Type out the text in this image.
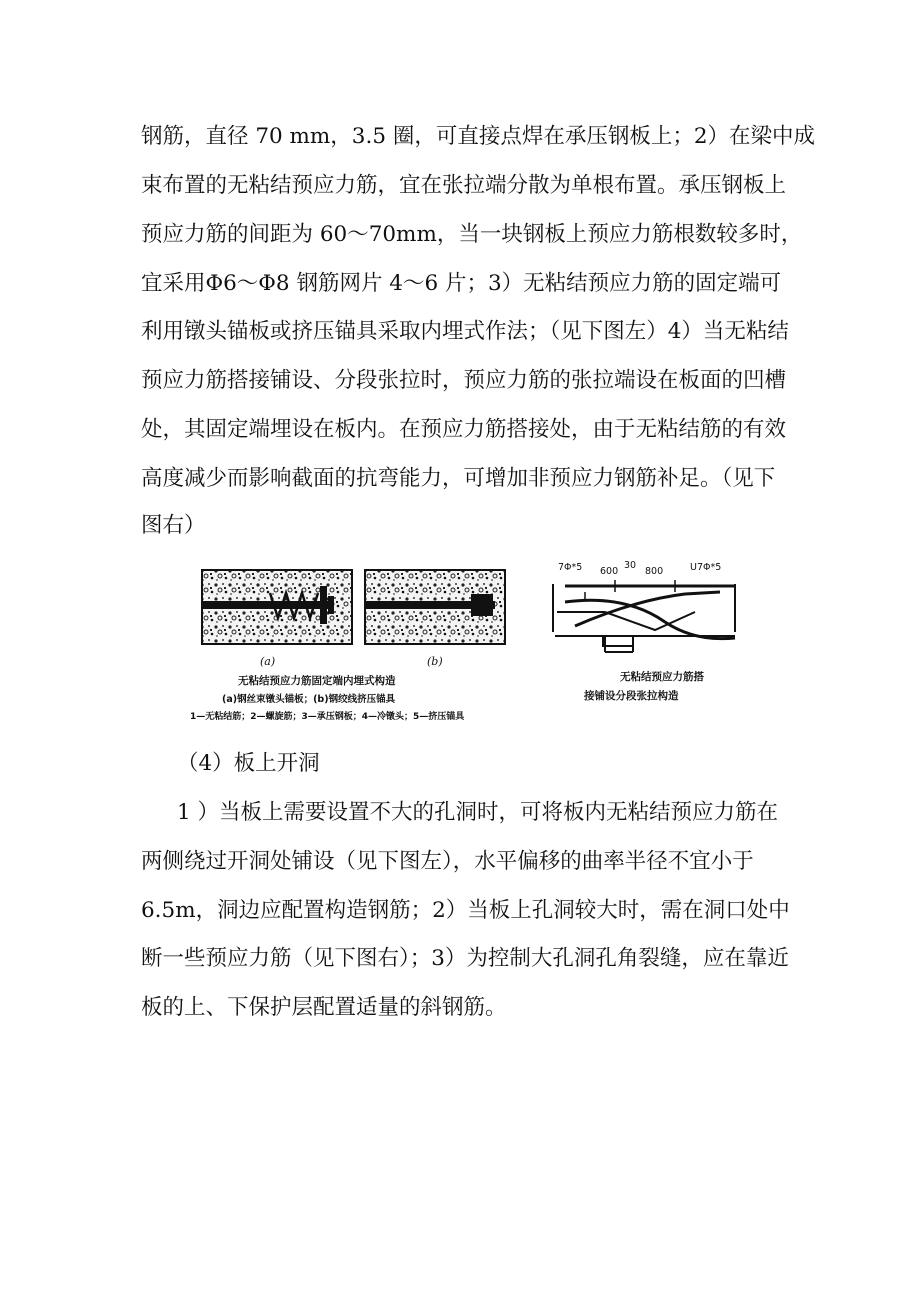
钢筋，直径 70 mm，3.5 圈，可直接点焊在承压钢板上；2）在梁中成
束布置的无粘结预应力筋，宜在张拉端分散为单根布置。承压钢板上
预应力筋的间距为 60～70mm，当一块钢板上预应力筋根数较多时，
宜采用Φ6～Φ8 钢筋网片 4～6 片；3）无粘结预应力筋的固定端可
利用镦头锚板或挤压锚具采取内埋式作法；（见下图左）4）当无粘结
预应力筋搭接铺设、分段张拉时，预应力筋的张拉端设在板面的凹槽
处，其固定端埋设在板内。在预应力筋搭接处，由于无粘结筋的有效
高度减少而影响截面的抗弯能力，可增加非预应力钢筋补足。（见下
图右）
(a)	(b)
无粘结预应力筋固定端内埋式构造
(a)钢丝束镦头锚板；(b)钢绞线挤压锚具
1—无粘结筋；2—螺旋筋；3—承压钢板；4—冷镦头；5—挤压锚具
7Φ*5 600
30
800	U7Φ*5
无粘结预应力筋搭
接铺设分段张拉构造
（4）板上开洞
1 ）当板上需要设置不大的孔洞时，可将板内无粘结预应力筋在
两侧绕过开洞处铺设（见下图左），水平偏移的曲率半径不宜小于
6.5m，洞边应配置构造钢筋；2）当板上孔洞较大时，需在洞口处中
断一些预应力筋（见下图右）；3）为控制大孔洞孔角裂缝，应在靠近
板的上、下保护层配置适量的斜钢筋。
